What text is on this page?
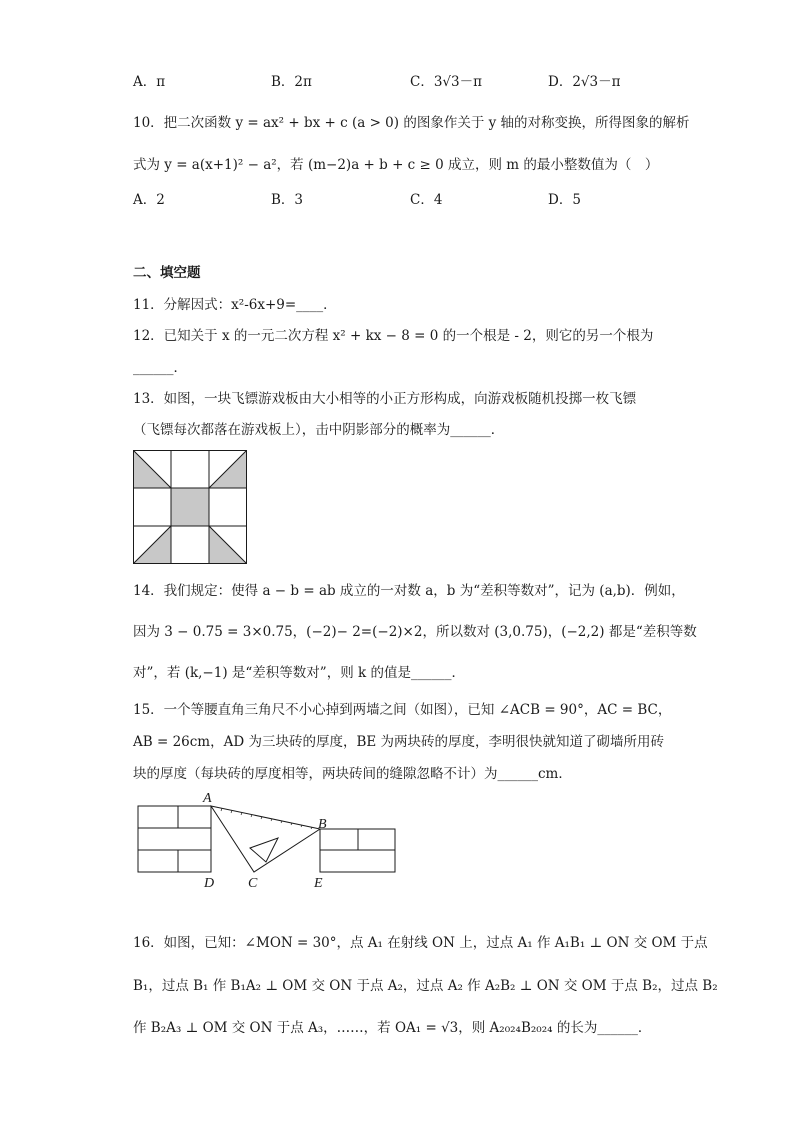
A．π	B．2π	C．3√3－π	D．2√3－π
10．把二次函数 y = ax² + bx + c (a > 0) 的图象作关于 y 轴的对称变换，所得图象的解析
式为 y = a(x+1)² − a²，若 (m−2)a + b + c ≥ 0 成立，则 m 的最小整数值为（　）
A．2	B．3	C．4	D．5
二、填空题
11．分解因式：x²-6x+9=____．
12．已知关于 x 的一元二次方程 x² + kx − 8 = 0 的一个根是 - 2，则它的另一个根为
______．
13．如图，一块飞镖游戏板由大小相等的小正方形构成，向游戏板随机投掷一枚飞镖
（飞镖每次都落在游戏板上），击中阴影部分的概率为______．
14．我们规定：使得 a − b = ab 成立的一对数 a，b 为“差积等数对”，记为 (a,b)．例如，
因为 3 − 0.75 = 3×0.75，(−2)− 2=(−2)×2，所以数对 (3,0.75)，(−2,2) 都是“差积等数
对”，若 (k,−1) 是“差积等数对”，则 k 的值是______．
15．一个等腰直角三角尺不小心掉到两墙之间（如图），已知 ∠ACB = 90°，AC = BC，
AB = 26cm，AD 为三块砖的厚度，BE 为两块砖的厚度，李明很快就知道了砌墙所用砖
块的厚度（每块砖的厚度相等，两块砖间的缝隙忽略不计）为______cm．
A
B
C
D	E
16．如图，已知：∠MON = 30°，点 A₁ 在射线 ON 上，过点 A₁ 作 A₁B₁ ⊥ ON 交 OM 于点
B₁，过点 B₁ 作 B₁A₂ ⊥ OM 交 ON 于点 A₂，过点 A₂ 作 A₂B₂ ⊥ ON 交 OM 于点 B₂，过点 B₂
作 B₂A₃ ⊥ OM 交 ON 于点 A₃，……，若 OA₁ = √3，则 A₂₀₂₄B₂₀₂₄ 的长为______．
